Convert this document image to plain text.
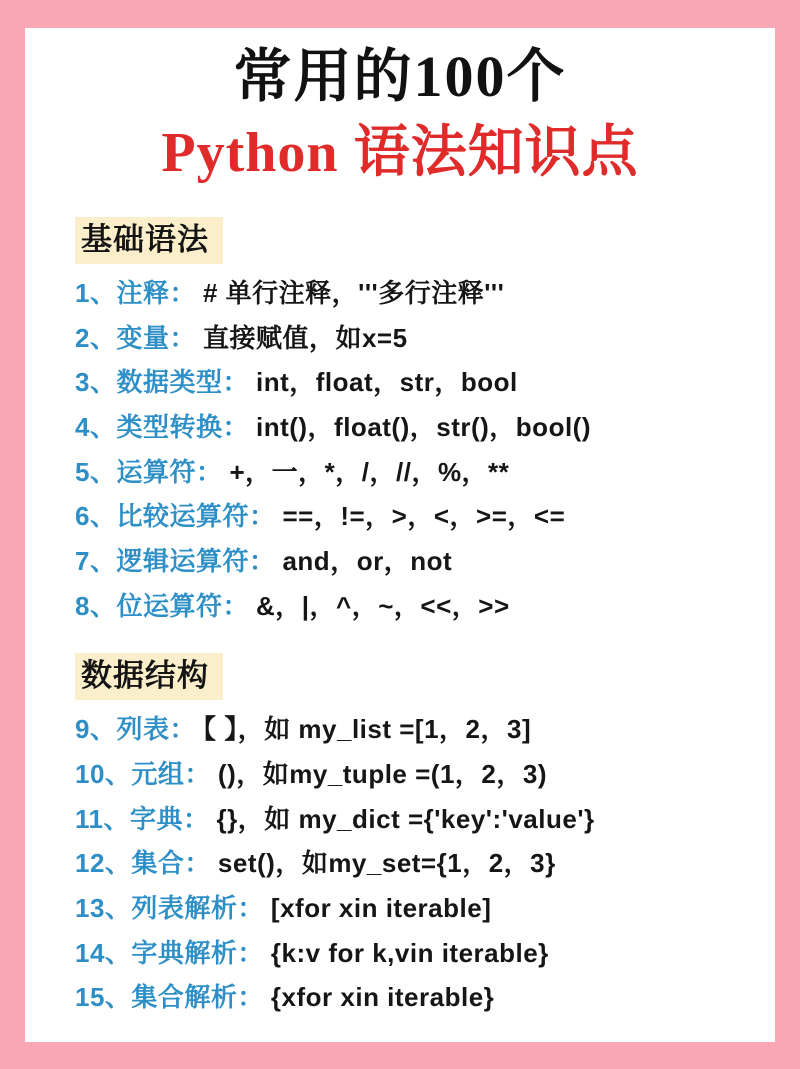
常用的100个
Python 语法知识点
基础语法
1、注释： # 单行注释，'''多行注释'''
2、变量： 直接赋值，如x=5
3、数据类型： int，float，str，bool
4、类型转换： int()，float()，str()，bool()
5、运算符： +，一，*，/，//，%，**
6、比较运算符： ==，!=，>，<，>=，<=
7、逻辑运算符： and，or，not
8、位运算符： &，|，^，~，<<，>>
数据结构
9、列表： 【 】，如 my_list =[1，2，3]
10、元组： ()，如my_tuple =(1，2，3)
11、字典： {}，如 my_dict ={'key':'value'}
12、集合： set()，如my_set={1，2，3}
13、列表解析： [xfor xin iterable]
14、字典解析： {k:v for k,vin iterable}
15、集合解析： {xfor xin iterable}
